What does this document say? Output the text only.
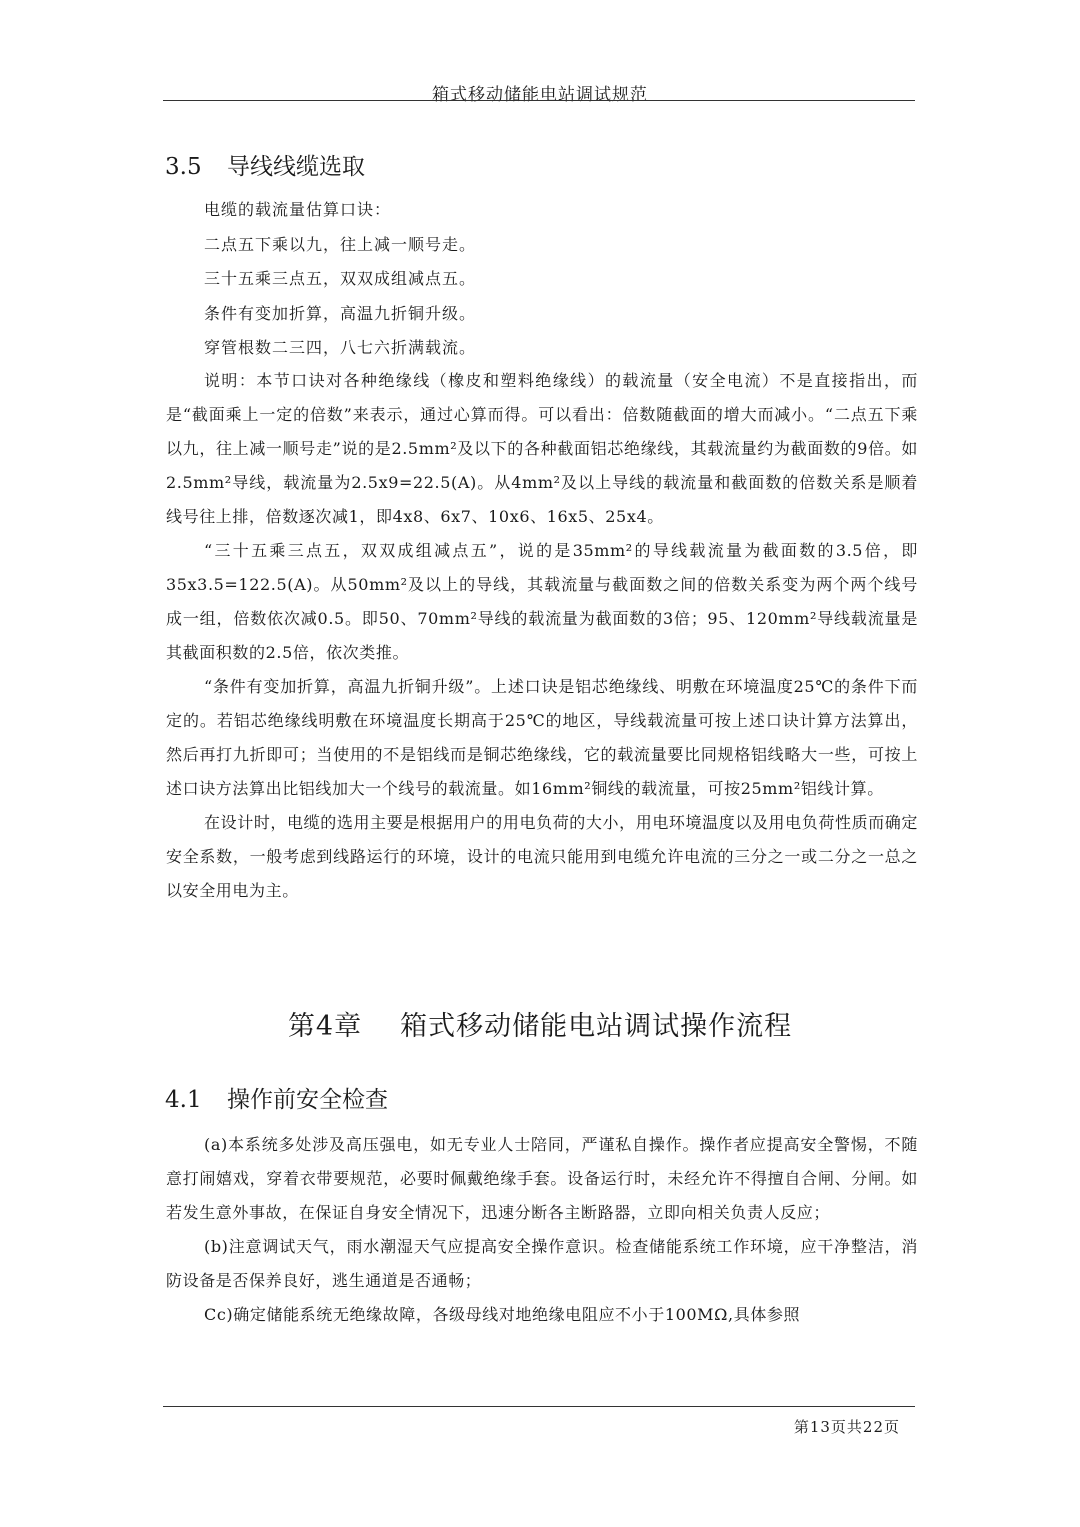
箱式移动储能电站调试规范
3.5 导线线缆选取

电缆的载流量估算口诀：

二点五下乘以九，往上减一顺号走。

三十五乘三点五，双双成组减点五。

条件有变加折算，高温九折铜升级。

穿管根数二三四，八七六折满载流。

说明：本节口诀对各种绝缘线（橡皮和塑料绝缘线）的载流量（安全电流）不是直接指出，而是“截面乘上一定的倍数”来表示，通过心算而得。可以看出：倍数随截面的增大而减小。“二点五下乘以九，往上减一顺号走”说的是2.5mm²及以下的各种截面铝芯绝缘线，其载流量约为截面数的9倍。如2.5mm²导线，载流量为2.5x9=22.5(A)。从4mm²及以上导线的载流量和截面数的倍数关系是顺着线号往上排，倍数逐次减1，即4x8、6x7、10x6、16x5、25x4。

“三十五乘三点五，双双成组减点五”，说的是35mm²的导线载流量为截面数的3.5倍，即35x3.5=122.5(A)。从50mm²及以上的导线，其载流量与截面数之间的倍数关系变为两个两个线号成一组，倍数依次减0.5。即50、70mm²导线的载流量为截面数的3倍；95、120mm²导线载流量是其截面积数的2.5倍，依次类推。

“条件有变加折算，高温九折铜升级”。上述口诀是铝芯绝缘线、明敷在环境温度25℃的条件下而定的。若铝芯绝缘线明敷在环境温度长期高于25℃的地区，导线载流量可按上述口诀计算方法算出，然后再打九折即可；当使用的不是铝线而是铜芯绝缘线，它的载流量要比同规格铝线略大一些，可按上述口诀方法算出比铝线加大一个线号的载流量。如16mm²铜线的载流量，可按25mm²铝线计算。

在设计时，电缆的选用主要是根据用户的用电负荷的大小，用电环境温度以及用电负荷性质而确定安全系数，一般考虑到线路运行的环境，设计的电流只能用到电缆允许电流的三分之一或二分之一总之以安全用电为主。

第4章 箱式移动储能电站调试操作流程
4.1 操作前安全检查

(a)本系统多处涉及高压强电，如无专业人士陪同，严谨私自操作。操作者应提高安全警惕，不随意打闹嬉戏，穿着衣带要规范，必要时佩戴绝缘手套。设备运行时，未经允许不得擅自合闸、分闸。如若发生意外事故，在保证自身安全情况下，迅速分断各主断路器，立即向相关负责人反应；

(b)注意调试天气，雨水潮湿天气应提高安全操作意识。检查储能系统工作环境，应干净整洁，消防设备是否保养良好，逃生通道是否通畅；

Cc)确定储能系统无绝缘故障，各级母线对地绝缘电阻应不小于100MΩ,具体参照

第13页共22页
